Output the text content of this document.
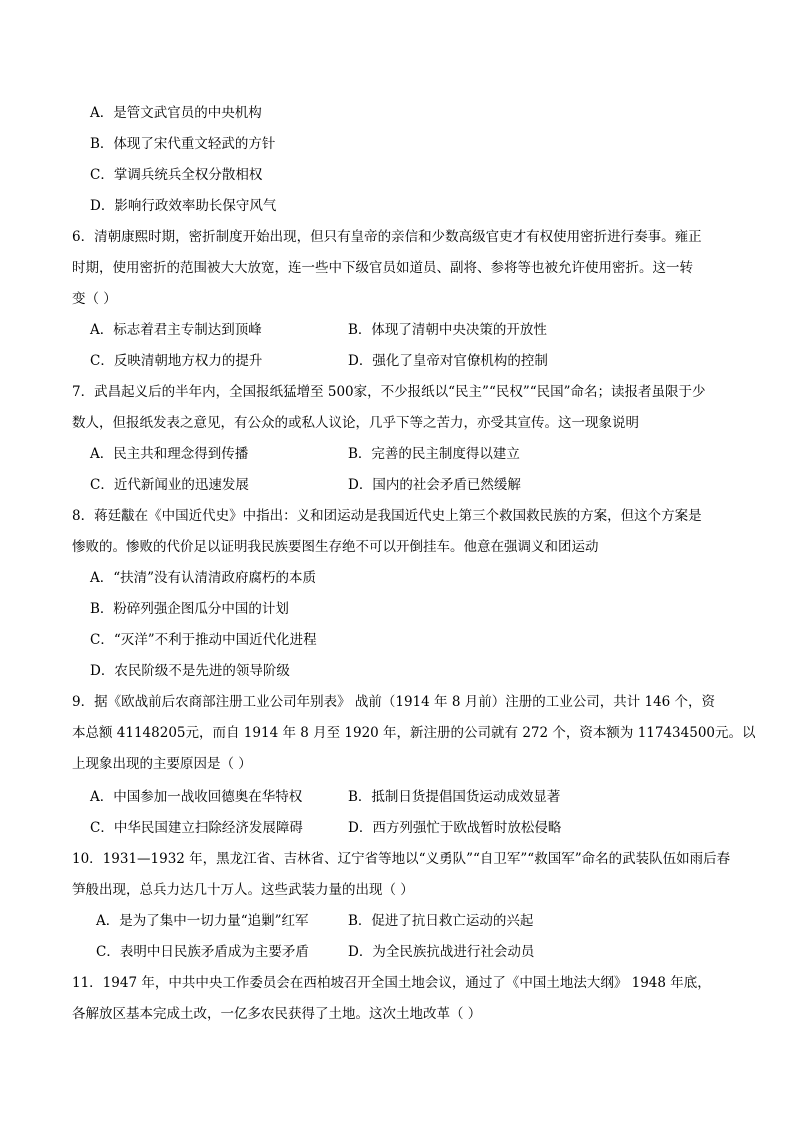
A．是管文武官员的中央机构
B．体现了宋代重文轻武的方针
C．掌调兵统兵全权分散相权
D．影响行政效率助长保守风气
6．清朝康熙时期，密折制度开始出现，但只有皇帝的亲信和少数高级官吏才有权使用密折进行奏事。雍正
时期，使用密折的范围被大大放宽，连一些中下级官员如道员、副将、参将等也被允许使用密折。这一转
变（ ）
A．标志着君主专制达到顶峰	B．体现了清朝中央决策的开放性
C．反映清朝地方权力的提升	D．强化了皇帝对官僚机构的控制
7．武昌起义后的半年内，全国报纸猛增至 500家，不少报纸以“民主”“民权”“民国”命名；读报者虽限于少
数人，但报纸发表之意见，有公众的或私人议论，几乎下等之苦力，亦受其宣传。这一现象说明
A．民主共和理念得到传播	B．完善的民主制度得以建立
C．近代新闻业的迅速发展	D．国内的社会矛盾已然缓解
8．蒋廷黻在《中国近代史》中指出：义和团运动是我国近代史上第三个救国救民族的方案，但这个方案是
惨败的。惨败的代价足以证明我民族要图生存绝不可以开倒挂车。他意在强调义和团运动
A．“扶清”没有认清清政府腐朽的本质
B．粉碎列强企图瓜分中国的计划
C．“灭洋”不利于推动中国近代化进程
D．农民阶级不是先进的领导阶级
9．据《欧战前后农商部注册工业公司年别表》 战前（1914 年 8 月前）注册的工业公司，共计 146 个，资
本总额 41148205元，而自 1914 年 8 月至 1920 年，新注册的公司就有 272 个，资本额为 117434500元。以
上现象出现的主要原因是（ ）
A．中国参加一战收回德奥在华特权	B．抵制日货提倡国货运动成效显著
C．中华民国建立扫除经济发展障碍	D．西方列强忙于欧战暂时放松侵略
10．1931—1932 年，黑龙江省、吉林省、辽宁省等地以“义勇队”“自卫军”“救国军”命名的武装队伍如雨后春
笋般出现，总兵力达几十万人。这些武装力量的出现（ ）
A．是为了集中一切力量“追剿”红军	B．促进了抗日救亡运动的兴起
C．表明中日民族矛盾成为主要矛盾	D．为全民族抗战进行社会动员
11．1947 年，中共中央工作委员会在西柏坡召开全国土地会议，通过了《中国土地法大纲》 1948 年底，
各解放区基本完成土改，一亿多农民获得了土地。这次土地改革（ ）
